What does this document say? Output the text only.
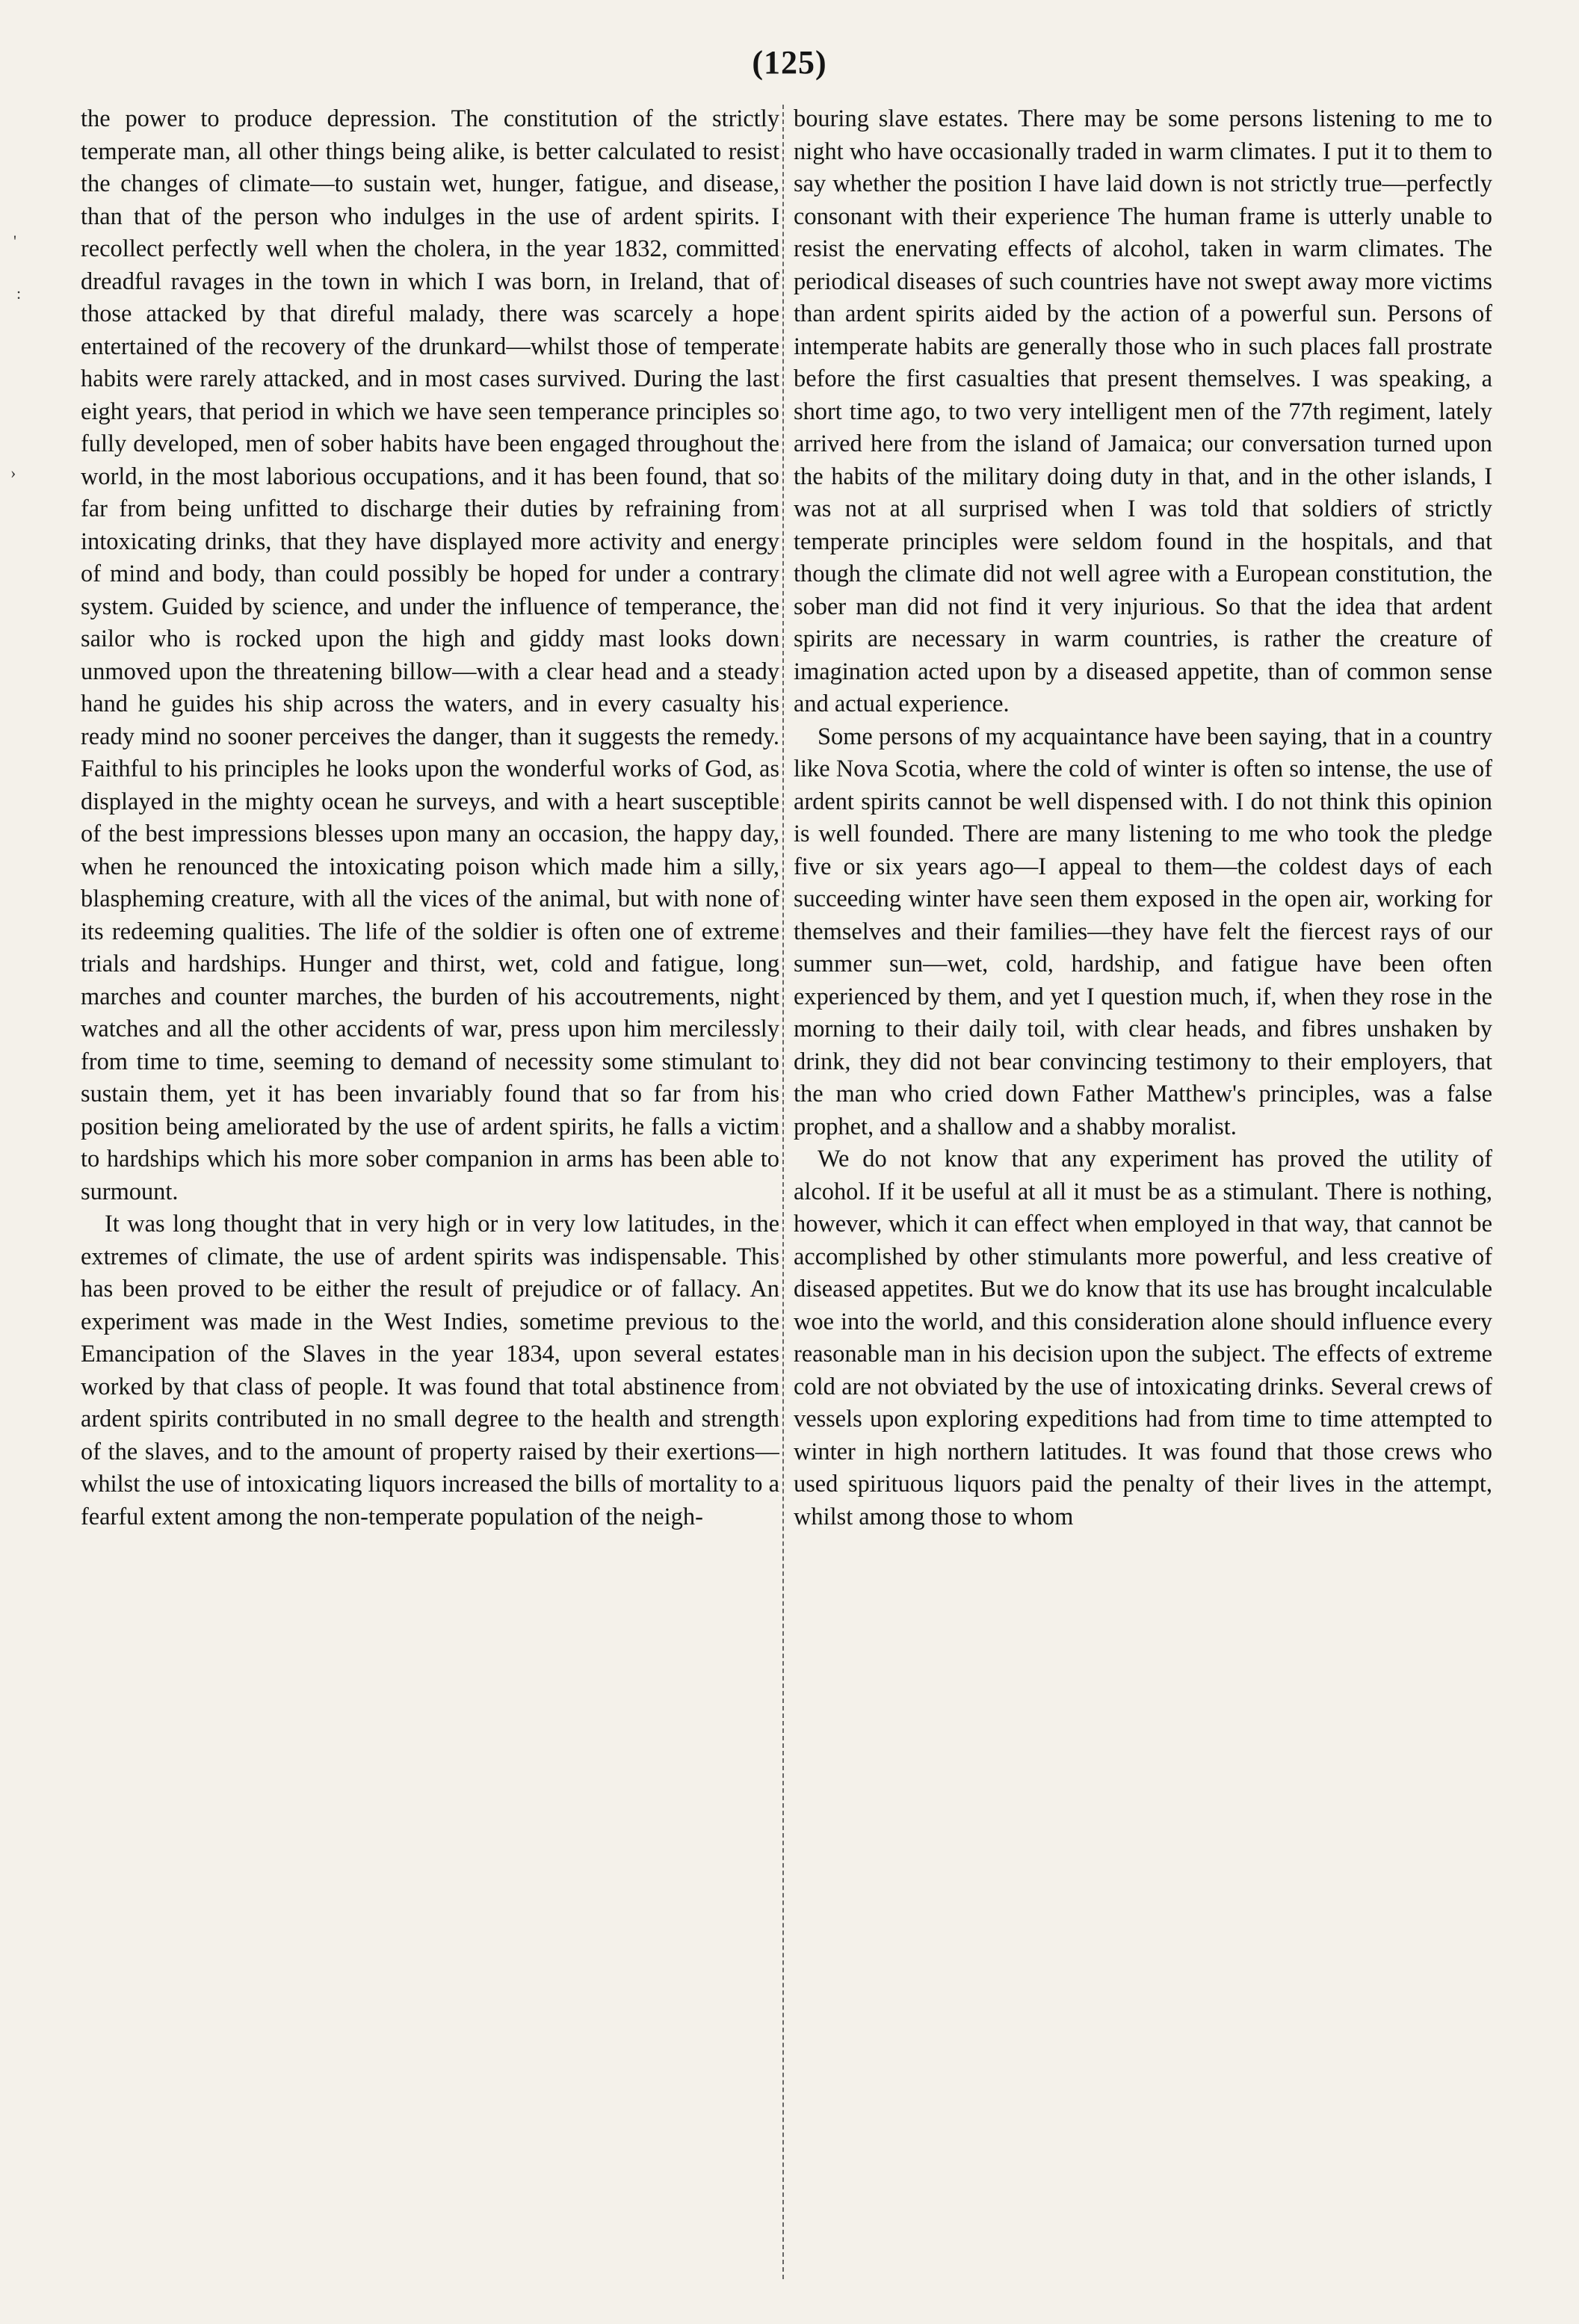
(125)
'
:
›

the power to produce depression. The constitution of the strictly temperate man, all other things being alike, is better calculated to resist the changes of climate—to sustain wet, hunger, fatigue, and disease, than that of the person who indulges in the use of ardent spirits. I recollect perfectly well when the cholera, in the year 1832, committed dreadful ravages in the town in which I was born, in Ireland, that of those attacked by that direful malady, there was scarcely a hope entertained of the recovery of the drunkard—whilst those of temperate habits were rarely attacked, and in most cases survived. During the last eight years, that period in which we have seen temperance principles so fully developed, men of sober habits have been engaged throughout the world, in the most laborious occupations, and it has been found, that so far from being unfitted to discharge their duties by refraining from intoxicating drinks, that they have displayed more activity and energy of mind and body, than could possibly be hoped for under a contrary system. Guided by science, and under the influence of temperance, the sailor who is rocked upon the high and giddy mast looks down unmoved upon the threatening billow—with a clear head and a steady hand he guides his ship across the waters, and in every casualty his ready mind no sooner perceives the danger, than it suggests the remedy. Faithful to his principles he looks upon the wonderful works of God, as displayed in the mighty ocean he surveys, and with a heart susceptible of the best impressions blesses upon many an occasion, the happy day, when he renounced the intoxicating poison which made him a silly, blaspheming creature, with all the vices of the animal, but with none of its redeeming qualities. The life of the soldier is often one of extreme trials and hardships. Hunger and thirst, wet, cold and fatigue, long marches and counter marches, the burden of his accoutrements, night watches and all the other accidents of war, press upon him mercilessly from time to time, seeming to demand of necessity some stimulant to sustain them, yet it has been invariably found that so far from his position being ameliorated by the use of ardent spirits, he falls a victim to hardships which his more sober companion in arms has been able to surmount.

It was long thought that in very high or in very low latitudes, in the extremes of climate, the use of ardent spirits was indispensable. This has been proved to be either the result of prejudice or of fallacy. An experiment was made in the West Indies, sometime previous to the Emancipation of the Slaves in the year 1834, upon several estates worked by that class of people. It was found that total abstinence from ardent spirits contributed in no small degree to the health and strength of the slaves, and to the amount of property raised by their exertions—whilst the use of intoxicating liquors increased the bills of mortality to a fearful extent among the non-temperate population of the neigh-

bouring slave estates. There may be some persons listening to me to night who have occasionally traded in warm climates. I put it to them to say whether the position I have laid down is not strictly true—perfectly consonant with their experience The human frame is utterly unable to resist the enervating effects of alcohol, taken in warm climates. The periodical diseases of such countries have not swept away more victims than ardent spirits aided by the action of a powerful sun. Persons of intemperate habits are generally those who in such places fall prostrate before the first casualties that present themselves. I was speaking, a short time ago, to two very intelligent men of the 77th regiment, lately arrived here from the island of Jamaica; our conversation turned upon the habits of the military doing duty in that, and in the other islands, I was not at all surprised when I was told that soldiers of strictly temperate principles were seldom found in the hospitals, and that though the climate did not well agree with a European constitution, the sober man did not find it very injurious. So that the idea that ardent spirits are necessary in warm countries, is rather the creature of imagination acted upon by a diseased appetite, than of common sense and actual experience.

Some persons of my acquaintance have been saying, that in a country like Nova Scotia, where the cold of winter is often so intense, the use of ardent spirits cannot be well dispensed with. I do not think this opinion is well founded. There are many listening to me who took the pledge five or six years ago—I appeal to them—the coldest days of each succeeding winter have seen them exposed in the open air, working for themselves and their families—they have felt the fiercest rays of our summer sun—wet, cold, hardship, and fatigue have been often experienced by them, and yet I question much, if, when they rose in the morning to their daily toil, with clear heads, and fibres unshaken by drink, they did not bear convincing testimony to their employers, that the man who cried down Father Matthew's principles, was a false prophet, and a shallow and a shabby moralist.

We do not know that any experiment has proved the utility of alcohol. If it be useful at all it must be as a stimulant. There is nothing, however, which it can effect when employed in that way, that cannot be accomplished by other stimulants more powerful, and less creative of diseased appetites. But we do know that its use has brought incalculable woe into the world, and this consideration alone should influence every reasonable man in his decision upon the subject. The effects of extreme cold are not obviated by the use of intoxicating drinks. Several crews of vessels upon exploring expeditions had from time to time attempted to winter in high northern latitudes. It was found that those crews who used spirituous liquors paid the penalty of their lives in the attempt, whilst among those to whom
